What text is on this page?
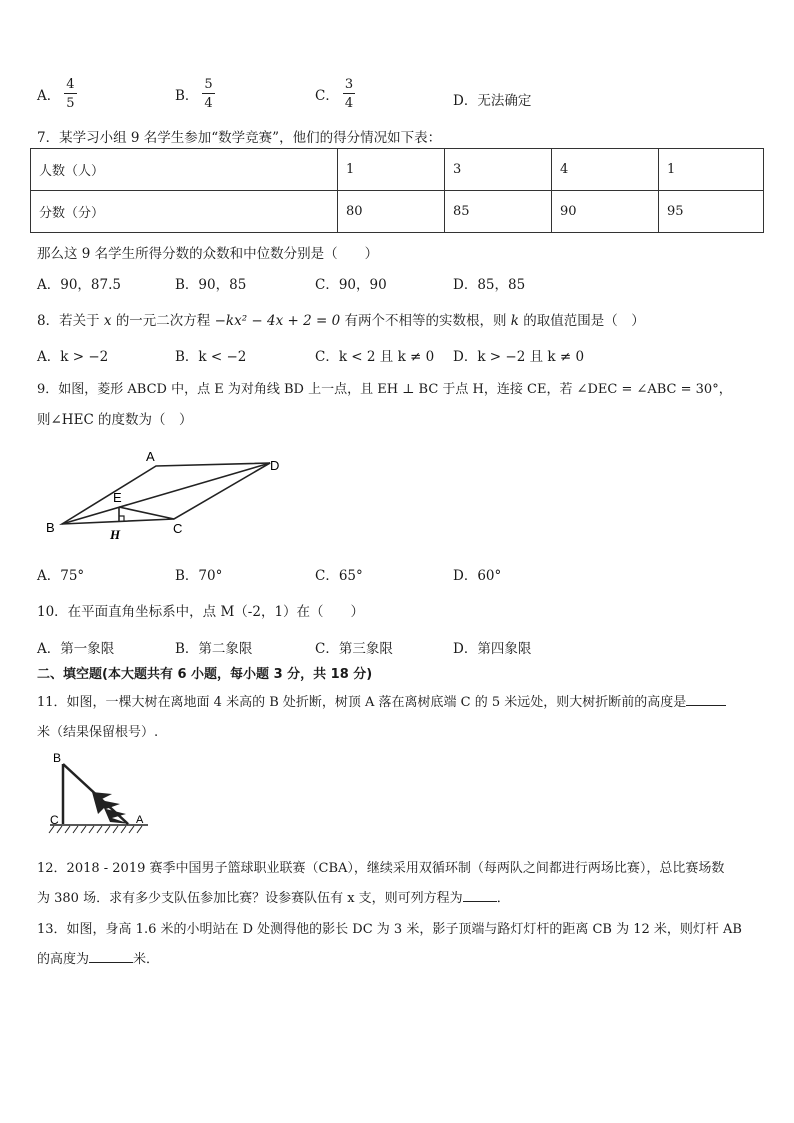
A． $\frac{4}{5}$	B． $\frac{5}{4}$	C． $\frac{3}{4}$	D．无法确定
7．某学习小组 9 名学生参加“数学竞赛”，他们的得分情况如下表：
人数（人）	1	3	4	1
分数（分）	80	85	90	95
那么这 9 名学生所得分数的众数和中位数分别是（　　）
A．90，87.5	B．90，85	C．90，90	D．85，85
8．若关于 x 的一元二次方程 −kx² − 4x + 2 = 0 有两个不相等的实数根，则 k 的取值范围是（　）
A．k > −2	B．k < −2	C．k < 2 且 k ≠ 0 D．k > −2 且 k ≠ 0
9．如图，菱形 ABCD 中，点 E 为对角线 BD 上一点，且 EH ⊥ BC 于点 H，连接 CE，若 ∠DEC = ∠ABC = 30°，
则∠HEC 的度数为（　）
A
B	C
D
E
H
A．75°	B．70°	C．65°	D．60°
10．在平面直角坐标系中，点 M（-2，1）在（　　）
A．第一象限	B．第二象限	C．第三象限	D．第四象限
二、填空题(本大题共有 6 小题，每小题 3 分，共 18 分)
11．如图，一棵大树在离地面 4 米高的 B 处折断，树顶 A 落在离树底端 C 的 5 米远处，则大树折断前的高度是
米（结果保留根号）.
B
C	A
12．2018 - 2019 赛季中国男子篮球职业联赛（CBA），继续采用双循环制（每两队之间都进行两场比赛），总比赛场数
为 380 场．求有多少支队伍参加比赛？设参赛队伍有 x 支，则可列方程为	．
13．如图，身高 1.6 米的小明站在 D 处测得他的影长 DC 为 3 米，影子顶端与路灯灯杆的距离 CB 为 12 米，则灯杆 AB
的高度为	米．
